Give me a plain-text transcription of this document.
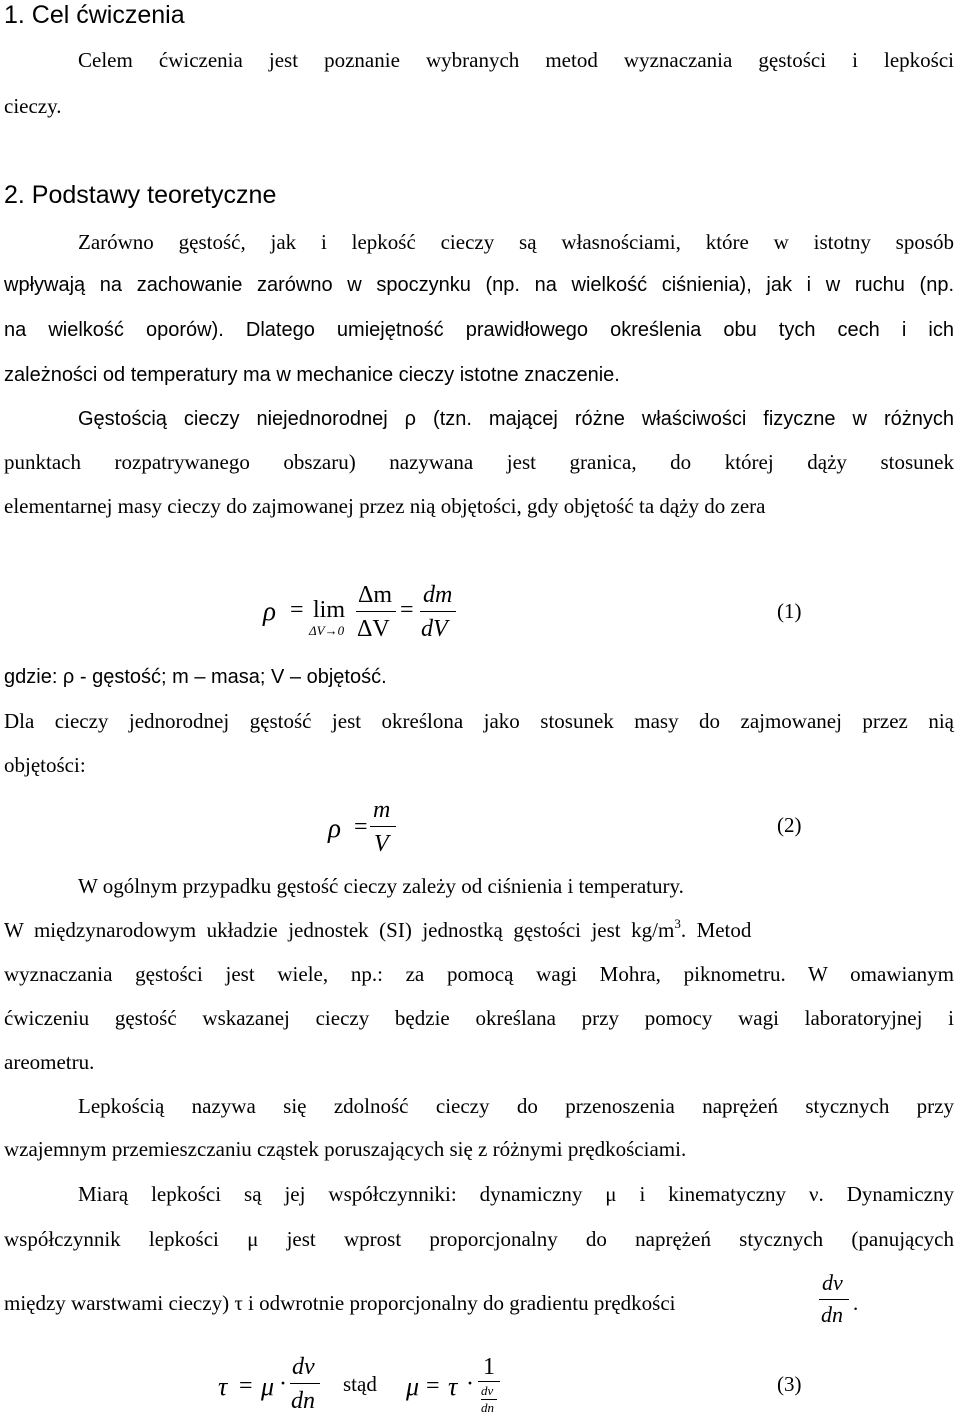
1. Cel ćwiczenia
Celem ćwiczenia jest poznanie wybranych metod wyznaczania gęstości i lepkości
cieczy.
2. Podstawy teoretyczne
Zarówno gęstość, jak i lepkość cieczy są własnościami, które w istotny sposób
wpływają na zachowanie zarówno w spoczynku (np. na wielkość ciśnienia), jak i w ruchu (np.
na wielkość oporów). Dlatego umiejętność prawidłowego określenia obu tych cech i ich
zależności od temperatury ma w mechanice cieczy istotne znaczenie.
Gęstością cieczy niejednorodnej ρ (tzn. mającej różne właściwości fizyczne w różnych
punktach rozpatrywanego obszaru) nazywana jest granica, do której dąży stosunek
elementarnej masy cieczy do zajmowanej przez nią objętości, gdy objętość ta dąży do zera
ρ = lim
ΔV→0
Δm
ΔV
=
dm
dV
(1)
gdzie: ρ - gęstość; m – masa; V – objętość.
Dla cieczy jednorodnej gęstość jest określona jako stosunek masy do zajmowanej przez nią
objętości:
ρ =
m
V
(2)
W ogólnym przypadku gęstość cieczy zależy od ciśnienia i temperatury.
W  międzynarodowym  układzie  jednostek  (SI)  jednostką  gęstości  jest  $kg/m^3$.  Metod
wyznaczania gęstości jest wiele, np.: za pomocą wagi Mohra, piknometru. W omawianym
ćwiczeniu gęstość wskazanej cieczy będzie określana przy pomocy wagi laboratoryjnej i
areometru.
Lepkością nazywa się zdolność cieczy do przenoszenia naprężeń stycznych przy
wzajemnym przemieszczaniu cząstek poruszających się z różnymi prędkościami.
Miarą lepkości są jej współczynniki: dynamiczny μ i kinematyczny ν. Dynamiczny
współczynnik lepkości μ jest wprost proporcjonalny do naprężeń stycznych (panujących
między warstwami cieczy) τ i odwrotnie proporcjonalny do gradientu prędkości
dv
dn .
τ = μ ·
dv
dn
stąd μ = τ ·
1
dv
dn
(3)
